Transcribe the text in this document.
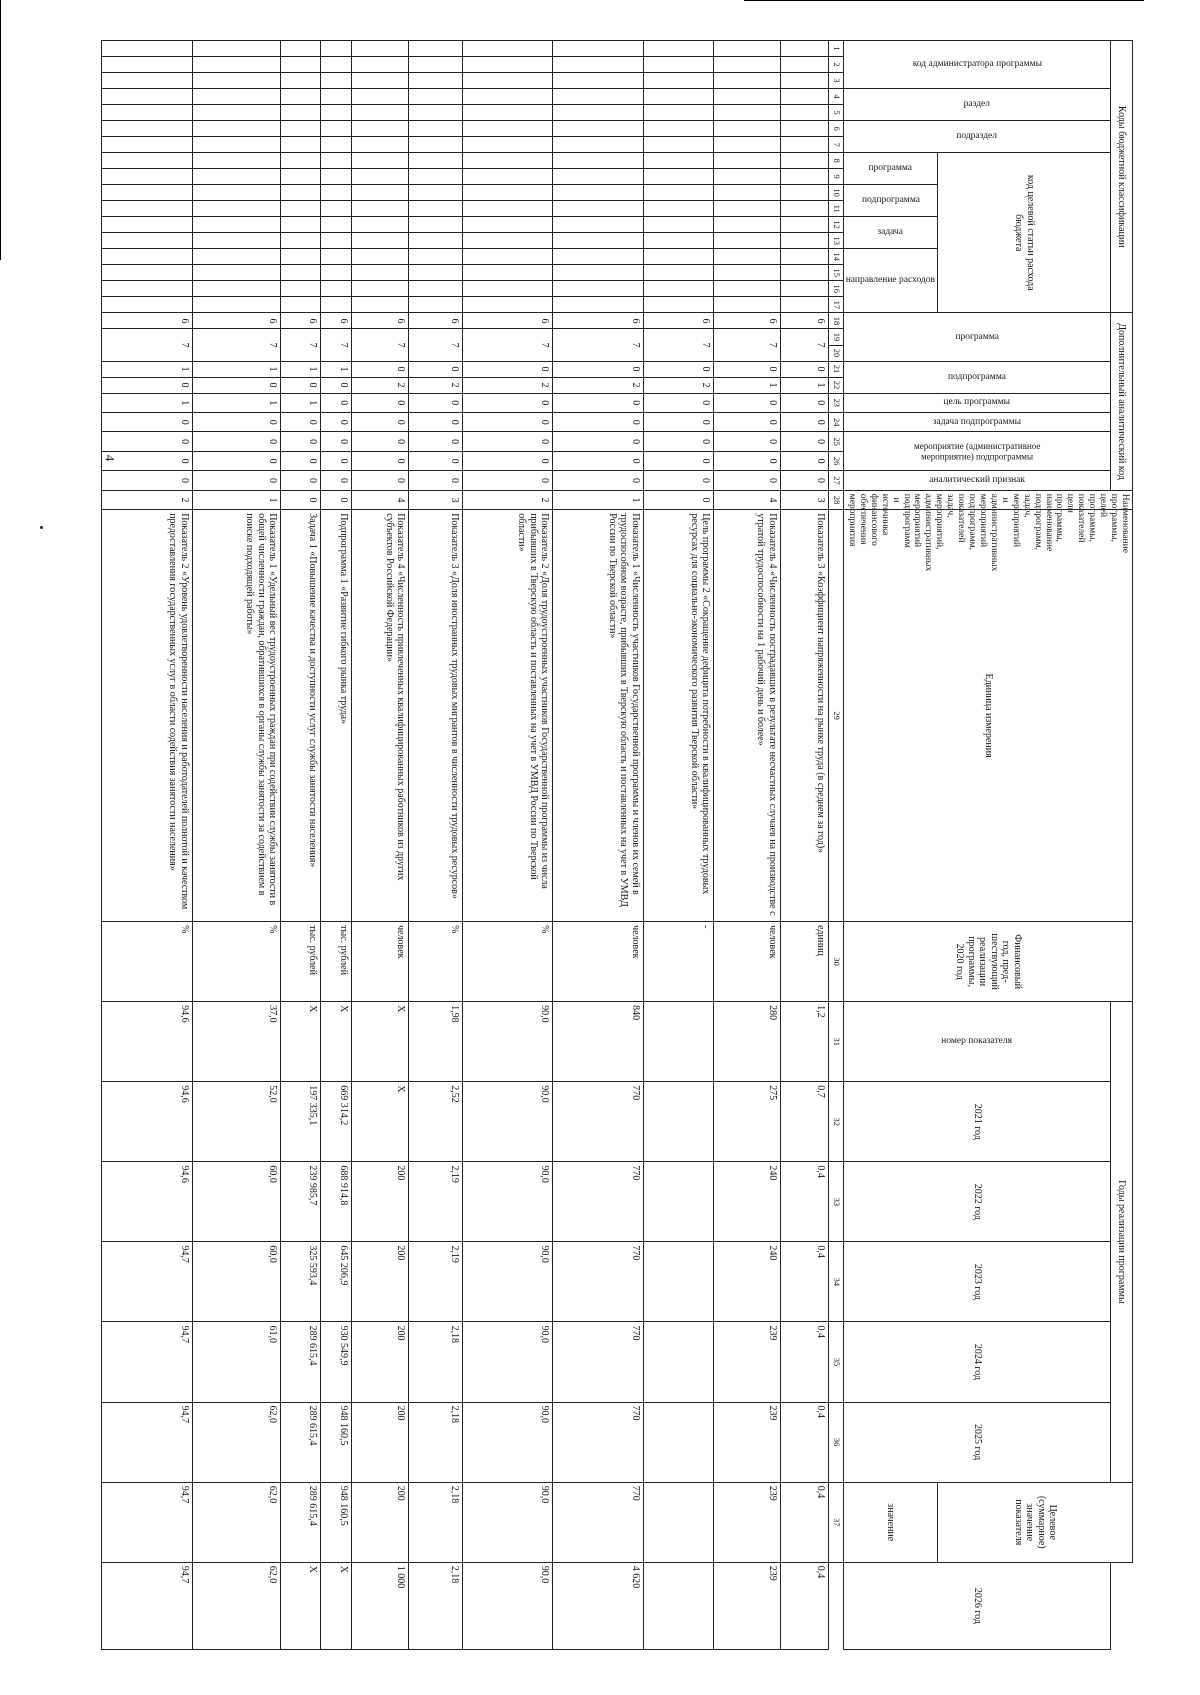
4
Коды бюджетной классификации																	Дополнительный аналитический код										Наименование программы, целей программы, показателей цели программы, наименование подпрограмм, задач, мероприятий и административных мероприятий подпрограмм, показателей задач, мероприятий, административных мероприятий подпрограмм и источника финансового обеспечения мероприятия	Единица измерения	Финансовый год, пред-шествующий реализации программы, 2020 год	Годы реализации программы						Целевое (суммарное) значение показателя	

код администратора программы			раздел		подраздел		код целевой статьи расхода бюджета										программа			подпрограмма		цель программы	задача подпрограммы	мероприятие (административное мероприятие) подпрограммы		аналитический признак				номер показателя	2021 год	2022 год	2023 год	2024 год	2025 год		2026 год

							программа		подпрограмма		задача		направление расходов																							значение	
1	2	3	4	5	6	7	8	9	10	11	12	13	14	15	16	17	18	19	20	21	22	23	24	25	26	27	28	29	30	31	32	33	34	35	36	37	
																	6	7		0	1	0	0	0	0	0	3	Показатель 3 «Коэффициент напряженности на рынке труда (в среднем за год)»	единиц	1,2	0,7	0,4	0,4	0,4	0,4	0,4	0,4
																	6	7		0	1	0	0	0	0	0	4	Показатель 4 «Численность пострадавших в результате несчастных случаев на производстве с утратой трудоспособности на 1 рабочий день и более»	человек	280	275	240	240	239	239	239	239
																	6	7		0	2	0	0	0	0	0	0	Цель программы 2 «Сокращение дефицита потребности в квалифицированных трудовых ресурсах для социально-экономического развития Тверской области»	-								
																	6	7		0	2	0	0	0	0	0	1	Показатель 1 «Численность участников Государственной программы и членов их семей в трудоспособном возрасте, прибывших в Тверскую область и поставленных на учет в УМВД России по Тверской области»	человек	840	770	770	770	770	770	770	4 620
																	6	7		0	2	0	0	0	0	0	2	Показатель 2 «Доля трудоустроенных участников Государственной программы из числа прибывших в Тверскую область и поставленных на учет в УМВД России по Тверской области»	%	90,0	90,0	90,0	90,0	90,0	90,0	90,0	90,0
																	6	7		0	2	0	0	0	0	0	3	Показатель 3 «Доля иностранных трудовых мигрантов в численности трудовых ресурсов»	%	1,98	2,52	2,19	2,19	2,18	2,18	2,18	2,18
																	6	7		0	2	0	0	0	0	0	4	Показатель 4 «Численность привлеченных квалифицированных работников из других субъектов Российской Федерации»	человек	X	X	200	200	200	200	200	1 000
																	6	7		1	0	0	0	0	0	0	0	Подпрограмма 1 «Развитие гибкого рынка труда»	тыс. рублей	X	669 314,2	688 914,8	645 206,9	930 549,9	948 160,5	948 160,5	X
																	6	7		1	0	1	0	0	0	0	0	Задача 1 «Повышение качества и доступности услуг службы занятости населения»	тыс. рублей	X	197 335,1	239 985,7	325 593,4	289 615,4	289 615,4	289 615,4	X
																	6	7		1	0	1	0	0	0	0	1	Показатель 1 «Удельный вес трудоустроенных граждан при содействии службы занятости в общей численности граждан, обратившихся в органы службы занятости за содействием в поиске подходящей работы»	%	37,0	52,0	60,0	60,0	61,0	62,0	62,0	62,0
																	6	7		1	0	1	0	0	0	0	2	Показатель 2 «Уровень удовлетворенности населения и работодателей полнотой и качеством предоставления государственных услуг в области содействия занятости населения»	%	94,6	94,6	94,6	94,7	94,7	94,7	94,7	94,7
